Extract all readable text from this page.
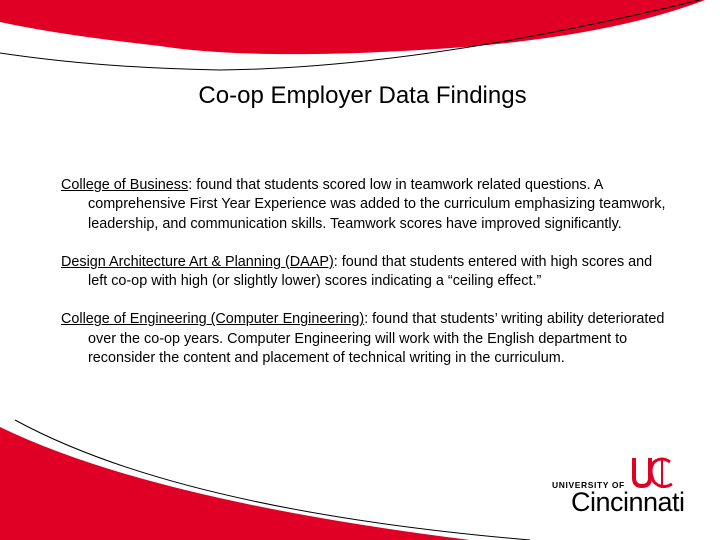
Co-op Employer Data Findings

College of Business: found that students scored low in teamwork related questions. A comprehensive First Year Experience was added to the curriculum emphasizing teamwork, leadership, and communication skills. Teamwork scores have improved significantly.

Design Architecture Art & Planning (DAAP): found that students entered with high scores and left co-op with high (or slightly lower) scores indicating a “ceiling effect.”

College of Engineering (Computer Engineering): found that students’ writing ability deteriorated over the co-op years. Computer Engineering will work with the English department to reconsider the content and placement of technical writing in the curriculum.

UNIVERSITY OF
Cincinnati
